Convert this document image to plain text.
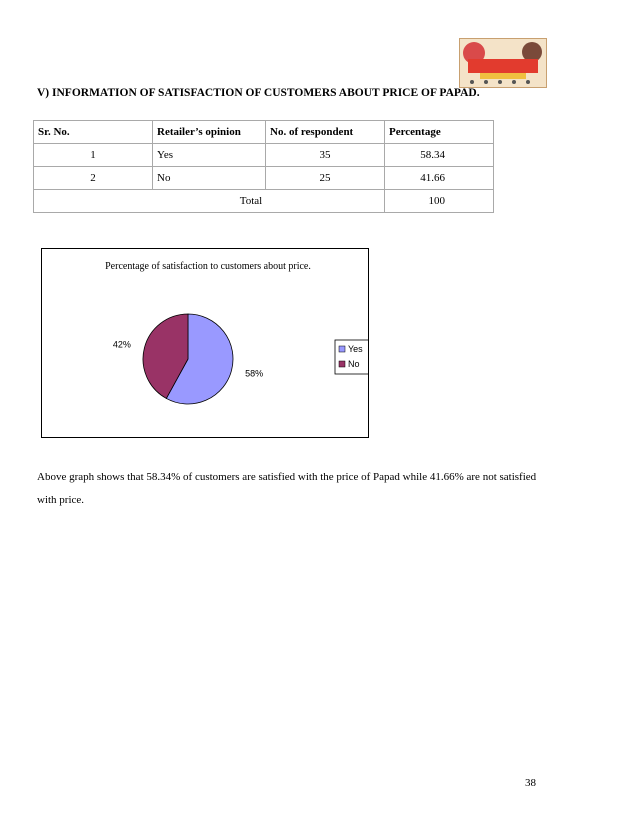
V) INFORMATION OF SATISFACTION OF CUSTOMERS ABOUT PRICE OF PAPAD.
Sr. No.	Retailer’s opinion	No. of respondent	Percentage
1	Yes	35	58.34
2	No	25	41.66
Total			100
Percentage of satisfaction to customers about price.
58%
42%	Yes
No
Above graph shows that 58.34% of customers are satisfied with the price of Papad while 41.66% are not satisfied with price.
38
